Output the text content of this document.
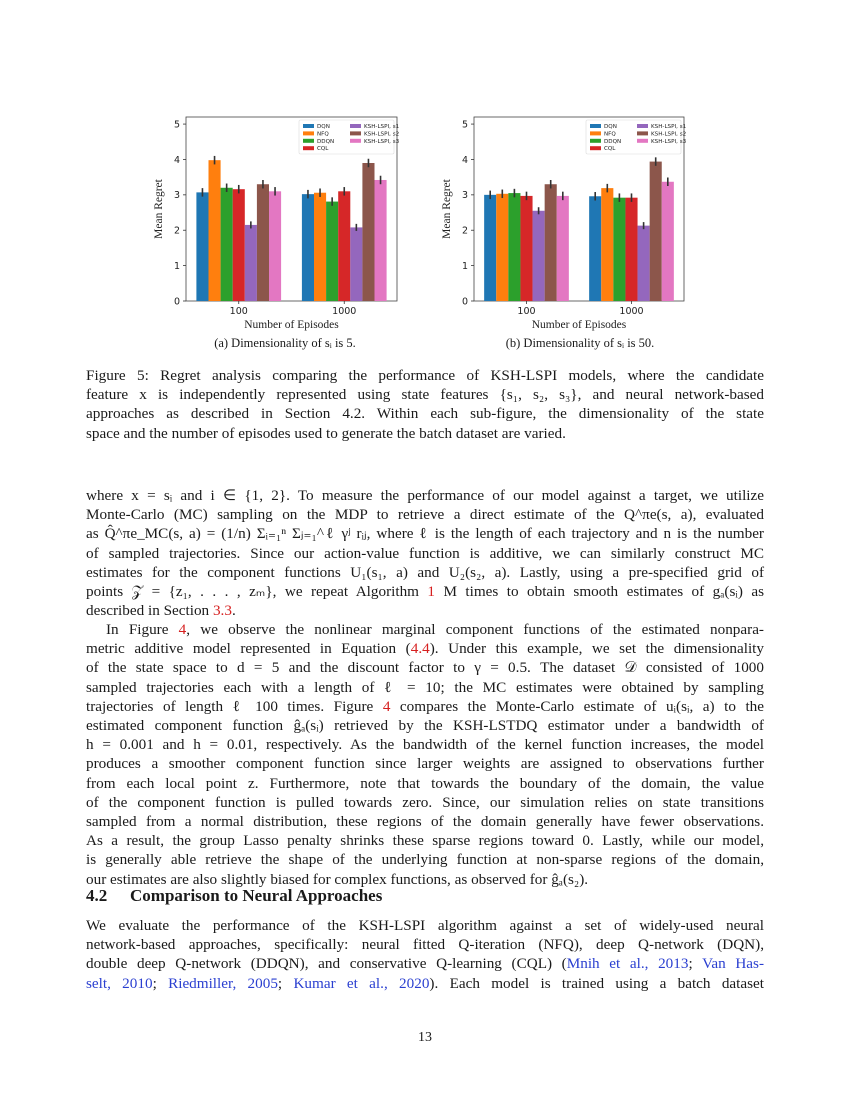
0
1
2
3
4
5
100	1000
Number of Episodes
Mean Regret
DQN
NFQ
DDQN
CQL
KSH-LSPI, s1
KSH-LSPI, s2
KSH-LSPI, s3
(a) Dimensionality of sᵢ is 5.
0
1
2
3
4
5
100	1000
Number of Episodes
Mean Regret
DQN
NFQ
DDQN
CQL
KSH-LSPI, s1
KSH-LSPI, s2
KSH-LSPI, s3
(b) Dimensionality of sᵢ is 50.

Figure 5: Regret analysis comparing the performance of KSH-LSPI models, where the candidate

feature x is independently represented using state features {s₁, s₂, s₃}, and neural network-based

approaches as described in Section 4.2. Within each sub-figure, the dimensionality of the state

space and the number of episodes used to generate the batch dataset are varied.

where x = sᵢ and i ∈ {1, 2}. To measure the performance of our model against a target, we utilize

Monte-Carlo (MC) sampling on the MDP to retrieve a direct estimate of the Q^πe(s, a), evaluated

as Q̂^πe_MC(s, a) = (1/n) Σᵢ₌₁ⁿ Σⱼ₌₁^ℓ γʲ rᵢⱼ, where ℓ is the length of each trajectory and n is the number

of sampled trajectories. Since our action-value function is additive, we can similarly construct MC

estimates for the component functions U₁(s₁, a) and U₂(s₂, a). Lastly, using a pre-specified grid of

points 𝒵 = {z₁, . . . , zₘ}, we repeat Algorithm 1 M times to obtain smooth estimates of gₐ(sᵢ) as

described in Section 3.3.

In Figure 4, we observe the nonlinear marginal component functions of the estimated nonpara-

metric additive model represented in Equation (4.4). Under this example, we set the dimensionality

of the state space to d = 5 and the discount factor to γ = 0.5. The dataset 𝒟 consisted of 1000

sampled trajectories each with a length of ℓ = 10; the MC estimates were obtained by sampling

trajectories of length ℓ 100 times. Figure 4 compares the Monte-Carlo estimate of uᵢ(sᵢ, a) to the

estimated component function ĝₐ(sᵢ) retrieved by the KSH-LSTDQ estimator under a bandwidth of

h = 0.001 and h = 0.01, respectively. As the bandwidth of the kernel function increases, the model

produces a smoother component function since larger weights are assigned to observations further

from each local point z. Furthermore, note that towards the boundary of the domain, the value

of the component function is pulled towards zero. Since, our simulation relies on state transitions

sampled from a normal distribution, these regions of the domain generally have fewer observations.

As a result, the group Lasso penalty shrinks these sparse regions toward 0. Lastly, while our model,

is generally able retrieve the shape of the underlying function at non-sparse regions of the domain,

our estimates are also slightly biased for complex functions, as observed for ĝₐ(s₂).

4.2 Comparison to Neural Approaches

We evaluate the performance of the KSH-LSPI algorithm against a set of widely-used neural

network-based approaches, specifically: neural fitted Q-iteration (NFQ), deep Q-network (DQN),

double deep Q-network (DDQN), and conservative Q-learning (CQL) (Mnih et al., 2013; Van Has-

selt, 2010; Riedmiller, 2005; Kumar et al., 2020). Each model is trained using a batch dataset

13
